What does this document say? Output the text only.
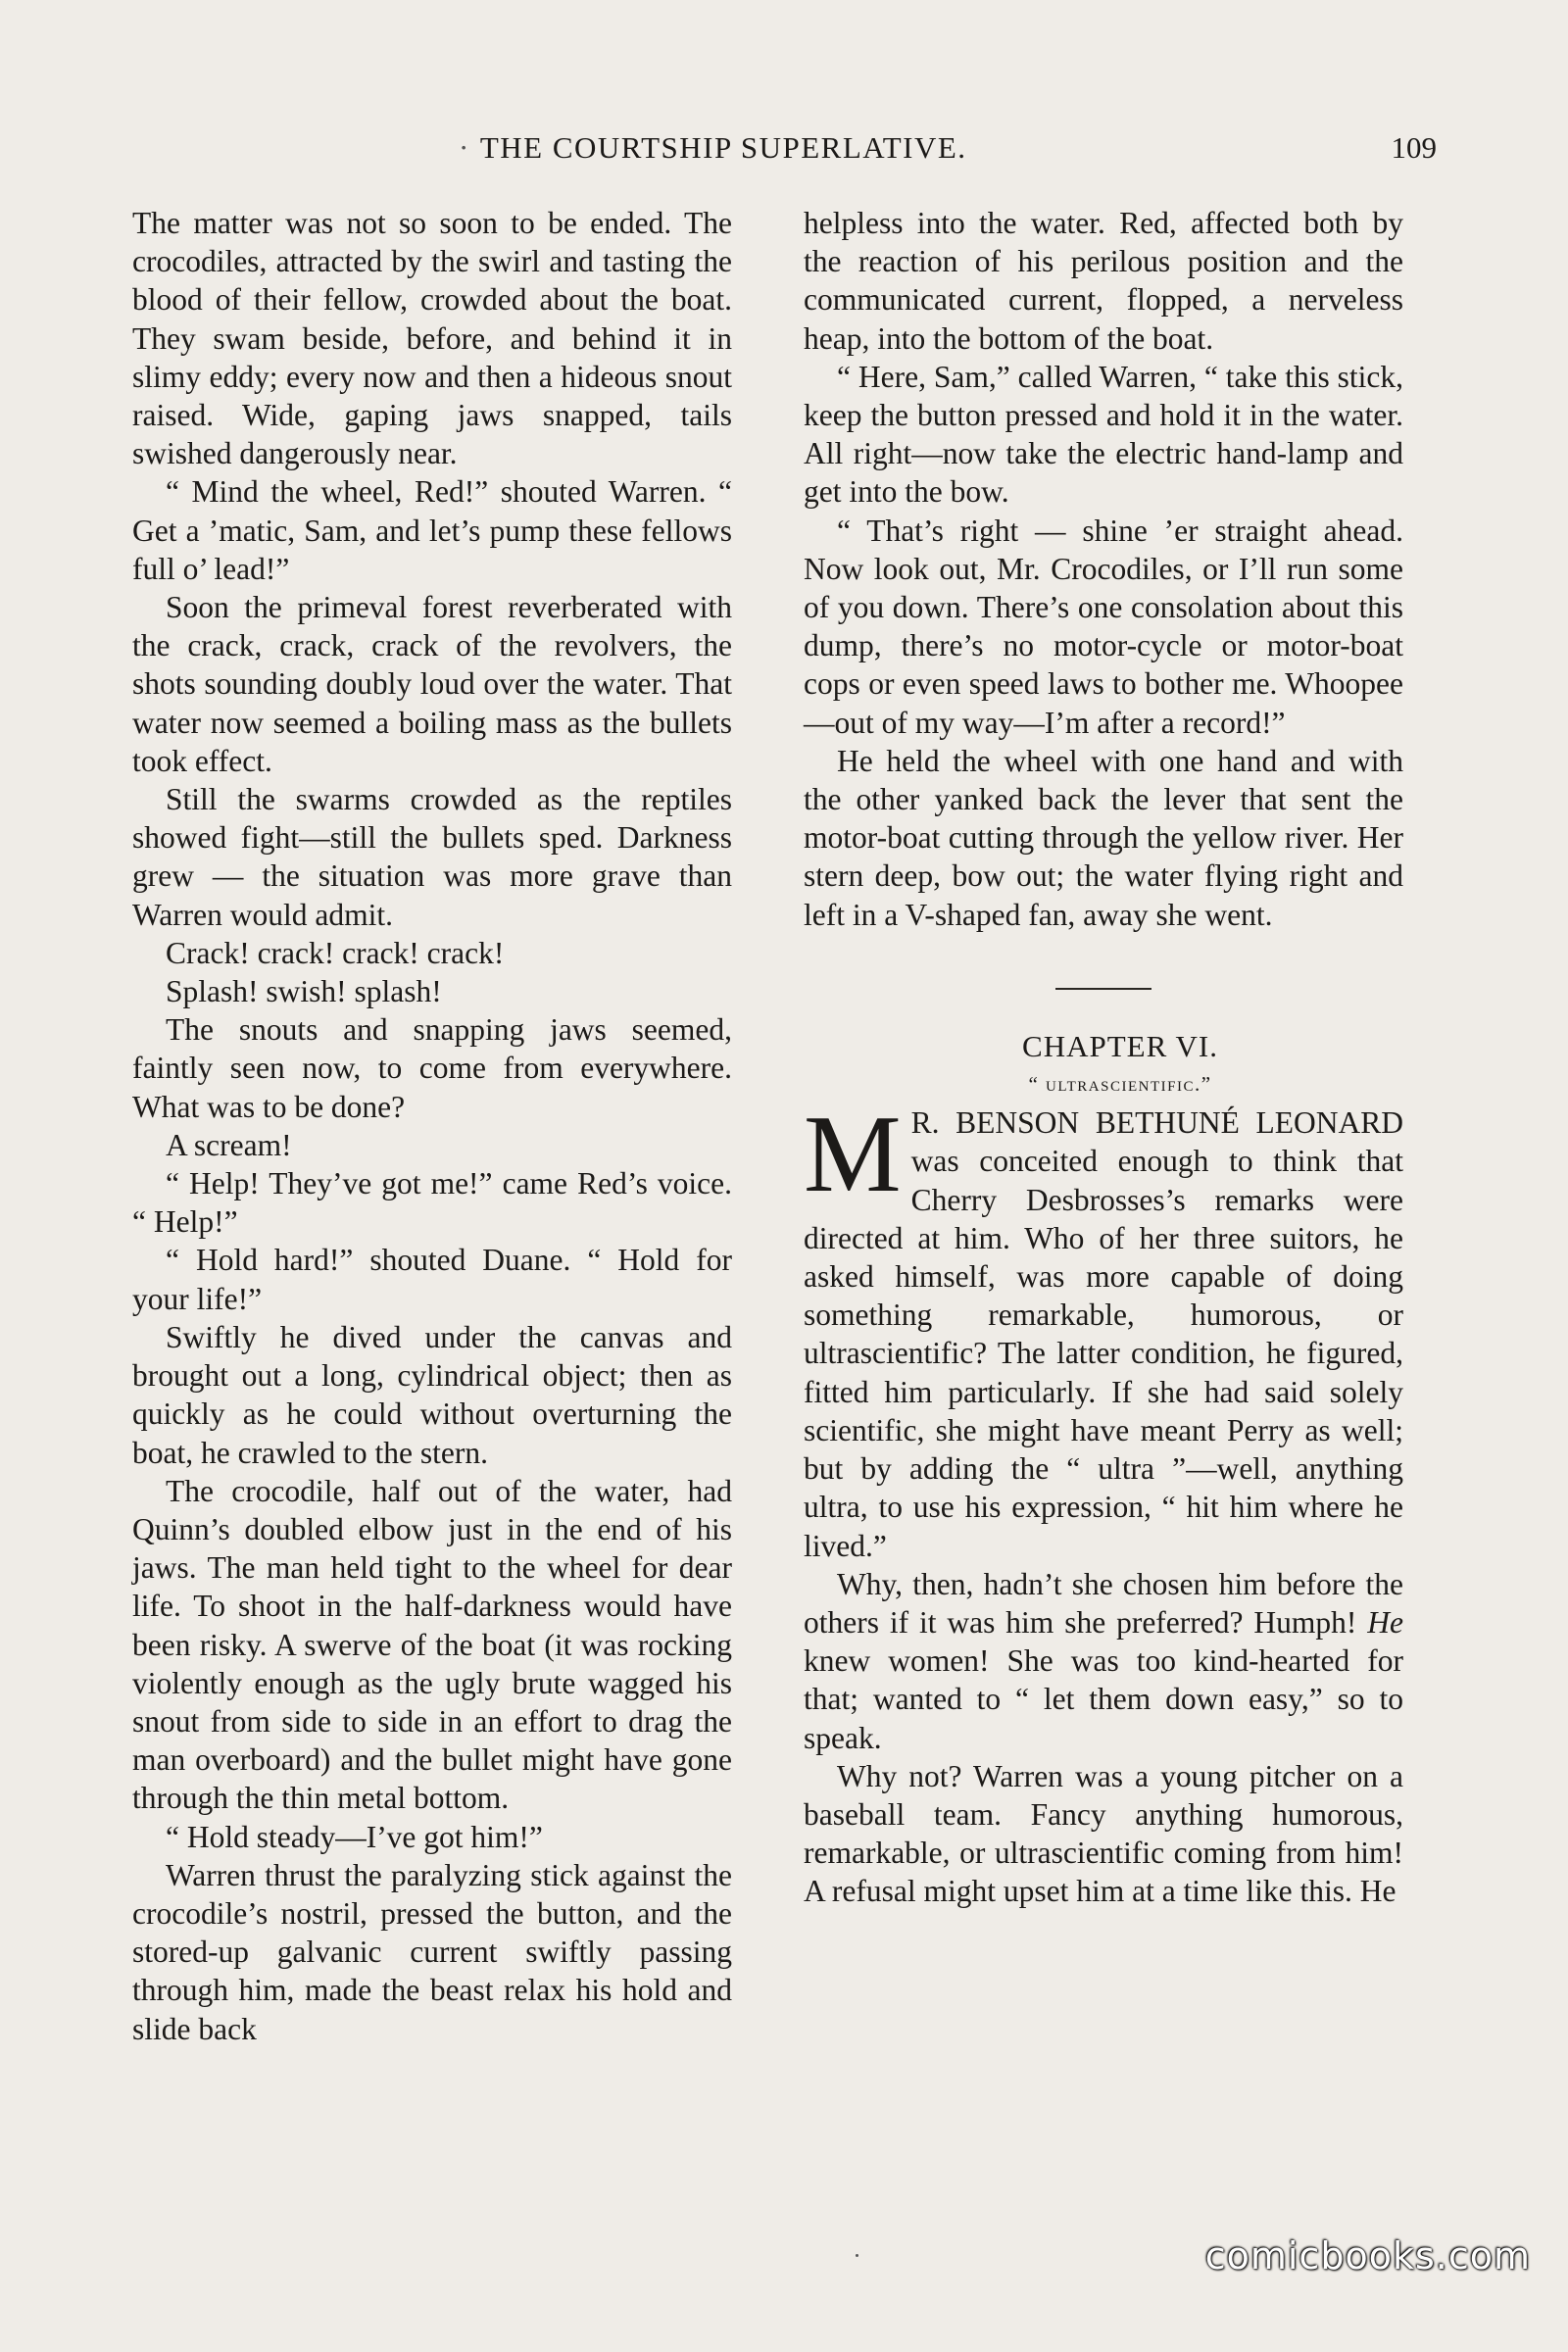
· THE COURTSHIP SUPERLATIVE.	109

The matter was not so soon to be ended. The crocodiles, attracted by the swirl and tasting the blood of their fellow, crowded about the boat. They swam beside, before, and behind it in slimy eddy; every now and then a hideous snout raised. Wide, gaping jaws snapped, tails swished dangerously near.

“ Mind the wheel, Red!” shouted Warren. “ Get a ’matic, Sam, and let’s pump these fellows full o’ lead!”

Soon the primeval forest reverberated with the crack, crack, crack of the revolvers, the shots sounding doubly loud over the water. That water now seemed a boiling mass as the bullets took effect.

Still the swarms crowded as the reptiles showed fight—still the bullets sped. Darkness grew — the situation was more grave than Warren would admit.

Crack! crack! crack! crack!

Splash! swish! splash!

The snouts and snapping jaws seemed, faintly seen now, to come from everywhere. What was to be done?

A scream!

“ Help! They’ve got me!” came Red’s voice. “ Help!”

“ Hold hard!” shouted Duane. “ Hold for your life!”

Swiftly he dived under the canvas and brought out a long, cylindrical object; then as quickly as he could without overturning the boat, he crawled to the stern.

The crocodile, half out of the water, had Quinn’s doubled elbow just in the end of his jaws. The man held tight to the wheel for dear life. To shoot in the half-darkness would have been risky. A swerve of the boat (it was rocking violently enough as the ugly brute wagged his snout from side to side in an effort to drag the man overboard) and the bullet might have gone through the thin metal bottom.

“ Hold steady—I’ve got him!”

Warren thrust the paralyzing stick against the crocodile’s nostril, pressed the button, and the stored-up galvanic current swiftly passing through him, made the beast relax his hold and slide back

helpless into the water. Red, affected both by the reaction of his perilous position and the communicated current, flopped, a nerveless heap, into the bottom of the boat.

“ Here, Sam,” called Warren, “ take this stick, keep the button pressed and hold it in the water. All right—now take the electric hand-lamp and get into the bow.

“ That’s right — shine ’er straight ahead. Now look out, Mr. Crocodiles, or I’ll run some of you down. There’s one consolation about this dump, there’s no motor-cycle or motor-boat cops or even speed laws to bother me. Whoopee —out of my way—I’m after a record!”

He held the wheel with one hand and with the other yanked back the lever that sent the motor-boat cutting through the yellow river. Her stern deep, bow out; the water flying right and left in a V-shaped fan, away she went.

CHAPTER VI.

“ ultrascientific.”

M R. BENSON BETHUNÉ LEONARD was conceited enough to think that Cherry Desbrosses’s remarks were directed at him. Who of her three suitors, he asked himself, was more capable of doing something remarkable, humorous, or ultrascientific? The latter condition, he figured, fitted him particularly. If she had said solely scientific, she might have meant Perry as well; but by adding the “ ultra ”—well, anything ultra, to use his expression, “ hit him where he lived.”

Why, then, hadn’t she chosen him before the others if it was him she preferred? Humph! He knew women! She was too kind-hearted for that; wanted to “ let them down easy,” so to speak.

Why not? Warren was a young pitcher on a baseball team. Fancy anything humorous, remarkable, or ultrascientific coming from him! A refusal might upset him at a time like this. He

comicbooks.com
